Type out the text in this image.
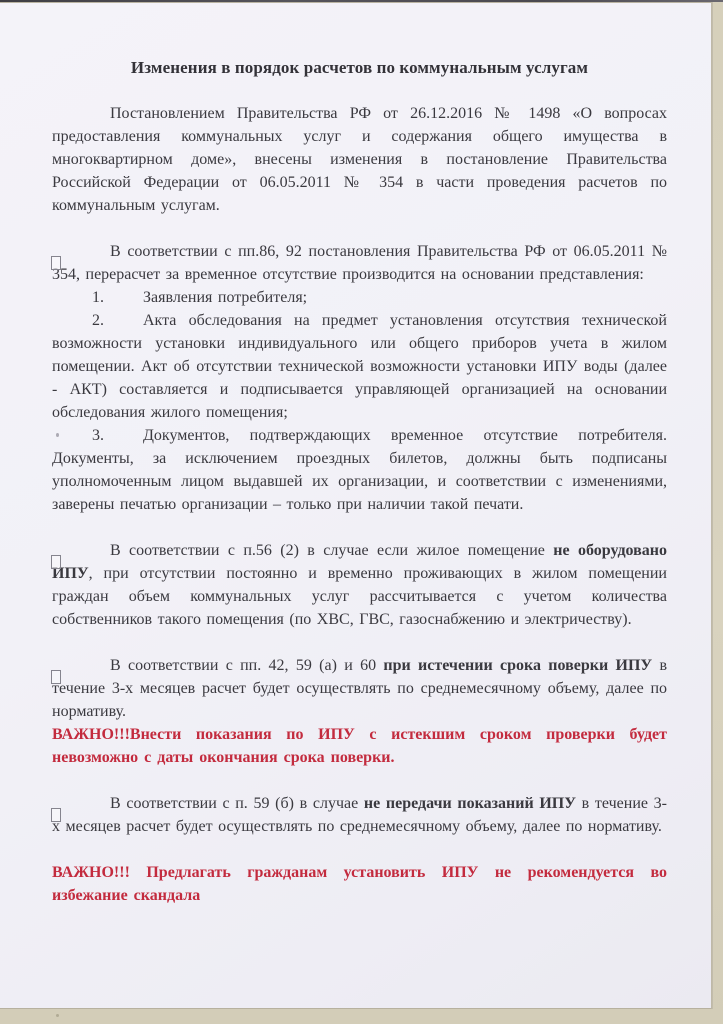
Изменения в порядок расчетов по коммунальным услугам

Постановлением Правительства РФ от 26.12.2016 № 1498 «О вопросах предоставления коммунальных услуг и содержания общего имущества в многоквартирном доме», внесены изменения в постановление Правительства Российской Федерации от 06.05.2011 № 354 в части проведения расчетов по коммунальным услугам.

В соответствии с пп.86, 92 постановления Правительства РФ от 06.05.2011 № 354, перерасчет за временное отсутствие производится на основании представления:

1. Заявления потребителя;

2. Акта обследования на предмет установления отсутствия технической возможности установки индивидуального или общего приборов учета в жилом помещении. Акт об отсутствии технической возможности установки ИПУ воды (далее - АКТ) составляется и подписывается управляющей организацией на основании обследования жилого помещения;

3. Документов, подтверждающих временное отсутствие потребителя. Документы, за исключением проездных билетов, должны быть подписаны уполномоченным лицом выдавшей их организации, и соответствии с изменениями, заверены печатью организации – только при наличии такой печати.

В соответствии с п.56 (2) в случае если жилое помещение не оборудовано ИПУ, при отсутствии постоянно и временно проживающих в жилом помещении граждан объем коммунальных услуг рассчитывается с учетом количества собственников такого помещения (по ХВС, ГВС, газоснабжению и электричеству).

В соответствии с пп. 42, 59 (а) и 60 при истечении срока поверки ИПУ в течение 3-х месяцев расчет будет осуществлять по среднемесячному объему, далее по нормативу.

ВАЖНО!!!Внести показания по ИПУ с истекшим сроком проверки будет невозможно с даты окончания срока поверки.

В соответствии с п. 59 (б) в случае не передачи показаний ИПУ в течение 3-х месяцев расчет будет осуществлять по среднемесячному объему, далее по нормативу.

ВАЖНО!!! Предлагать гражданам установить ИПУ не рекомендуется во избежание скандала
